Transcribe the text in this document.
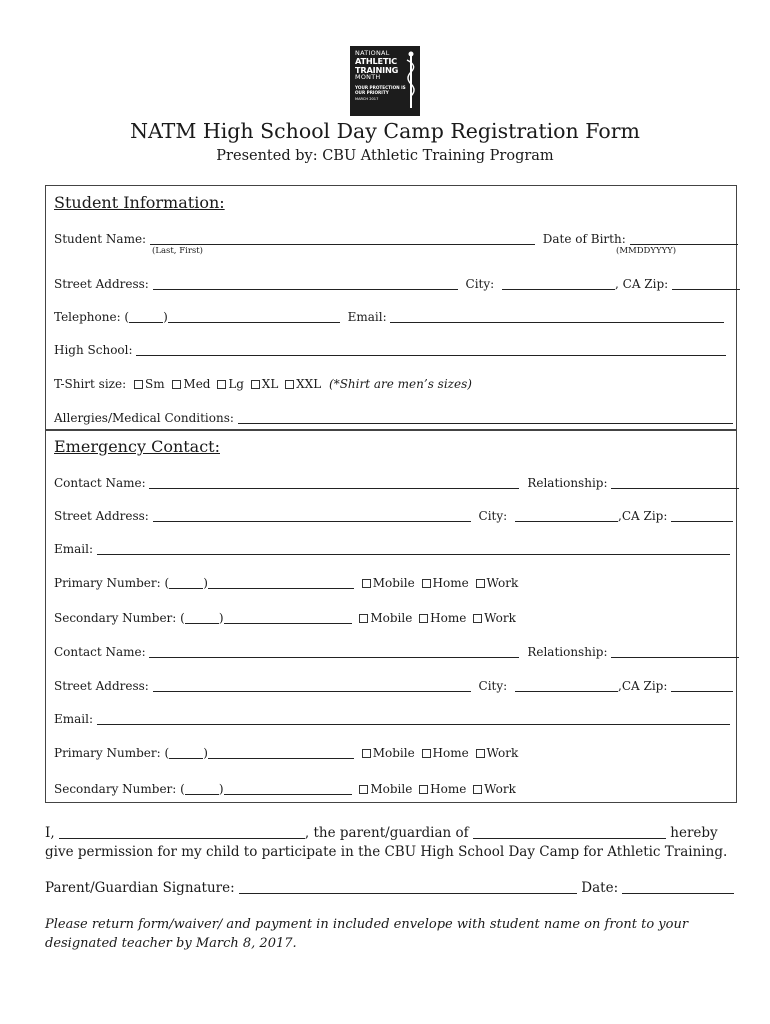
NATIONAL
ATHLETIC
TRAINING
MONTH
YOUR PROTECTION IS OUR PRIORITY
MARCH 2017
NATM High School Day Camp Registration Form
Presented by: CBU Athletic Training Program
Student Information:
Student Name:	Date of Birth:
(Last, First)	(MMDDYYYY)
Street Address:	City:	, CA Zip:
Telephone: (	)	Email:
High School:
T-Shirt size: Sm Med Lg XL XXL (*Shirt are men’s sizes)
Allergies/Medical Conditions:
Emergency Contact:
Contact Name:	Relationship:
Street Address:	City:	,CA Zip:
Email:
Primary Number: (	)	Mobile Home Work
Secondary Number: (	)	Mobile Home Work
Contact Name:	Relationship:
Street Address:	City:	,CA Zip:
Email:
Primary Number: (	)	Mobile Home Work
Secondary Number: (	)	Mobile Home Work
I,	, the parent/guardian of	hereby
give permission for my child to participate in the CBU High School Day Camp for Athletic Training.
Parent/Guardian Signature:	Date:
Please return form/waiver/ and payment in included envelope with student name on front to your
designated teacher by March 8, 2017.
